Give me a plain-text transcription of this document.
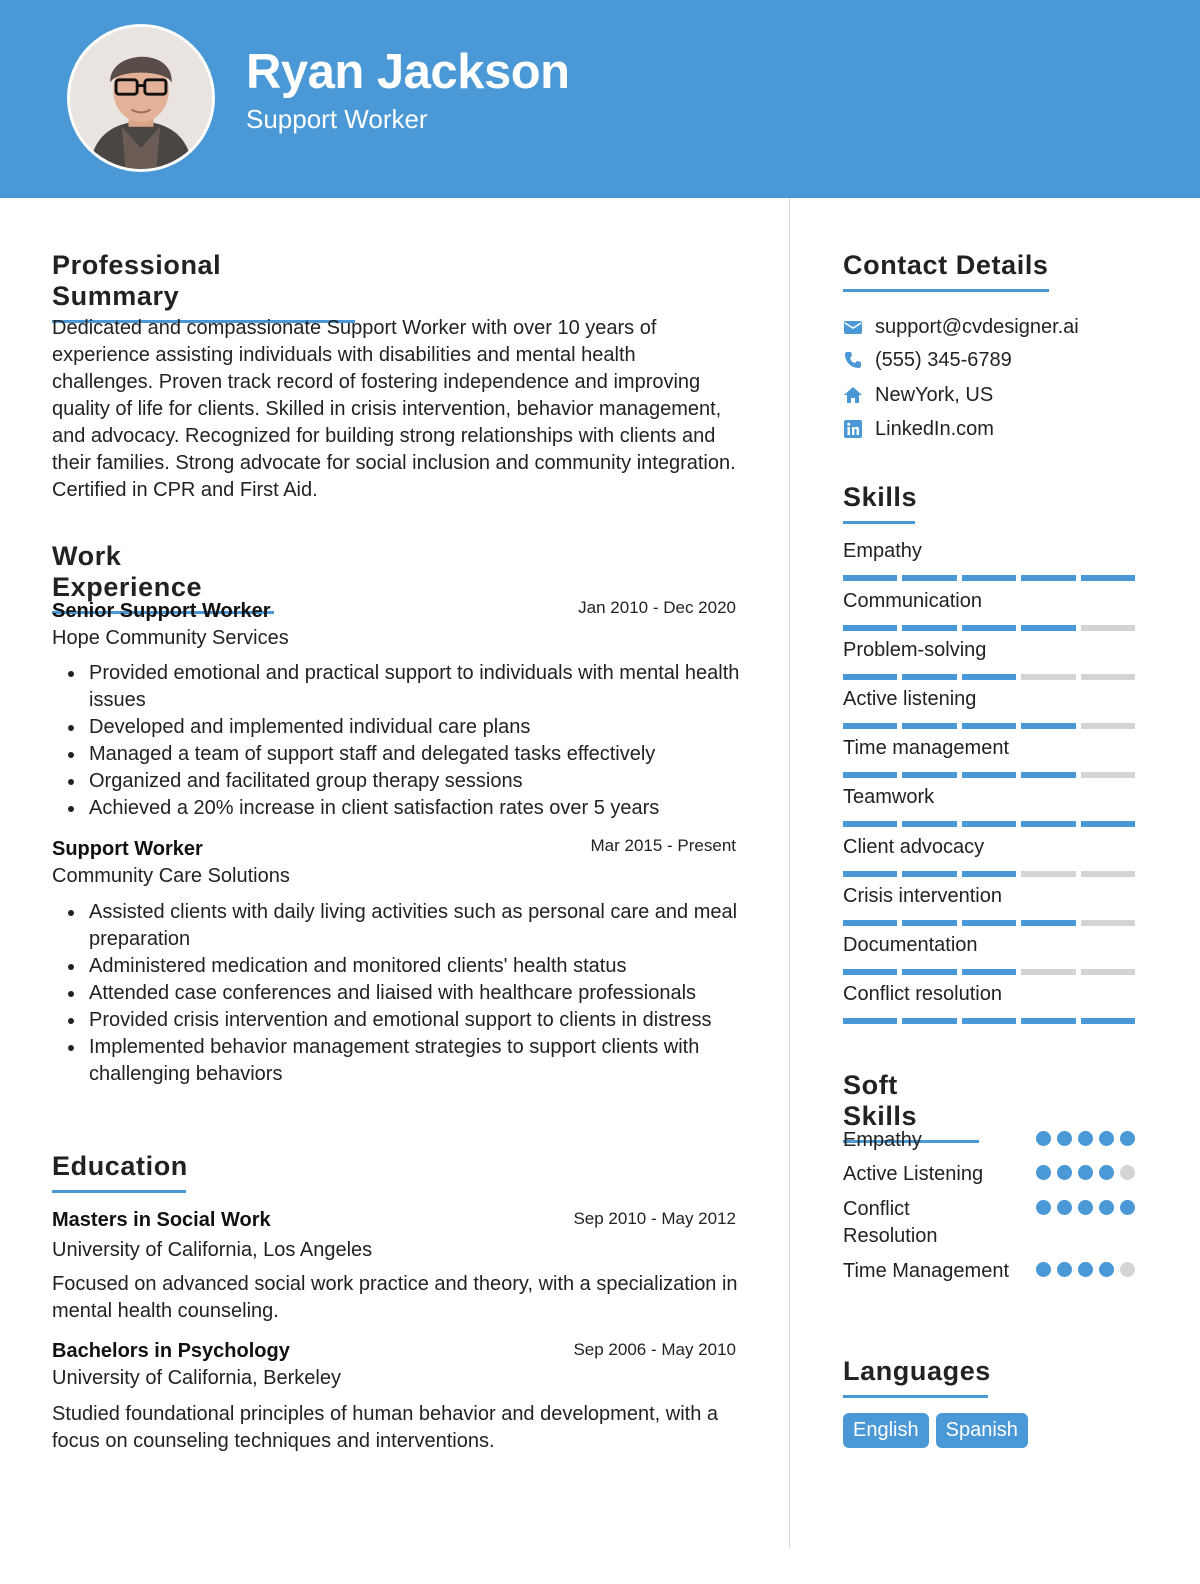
Ryan Jackson
Support Worker
Professional Summary
Dedicated and compassionate Support Worker with over 10 years of experience assisting individuals with disabilities and mental health challenges. Proven track record of fostering independence and improving quality of life for clients. Skilled in crisis intervention, behavior management, and advocacy. Recognized for building strong relationships with clients and their families. Strong advocate for social inclusion and community integration. Certified in CPR and First Aid.
Work Experience
Senior Support Worker	Jan 2010 - Dec 2020
Hope Community Services
Provided emotional and practical support to individuals with mental health issues
Developed and implemented individual care plans
Managed a team of support staff and delegated tasks effectively
Organized and facilitated group therapy sessions
Achieved a 20% increase in client satisfaction rates over 5 years
Support Worker	Mar 2015 - Present
Community Care Solutions
Assisted clients with daily living activities such as personal care and meal preparation
Administered medication and monitored clients' health status
Attended case conferences and liaised with healthcare professionals
Provided crisis intervention and emotional support to clients in distress
Implemented behavior management strategies to support clients with challenging behaviors
Education
Masters in Social Work	Sep 2010 - May 2012
University of California, Los Angeles
Focused on advanced social work practice and theory, with a specialization in mental health counseling.
Bachelors in Psychology	Sep 2006 - May 2010
University of California, Berkeley
Studied foundational principles of human behavior and development, with a focus on counseling techniques and interventions.
Contact Details
support@cvdesigner.ai
(555) 345-6789
NewYork, US
LinkedIn.com
Skills
Empathy
Communication
Problem-solving
Active listening
Time management
Teamwork
Client advocacy
Crisis intervention
Documentation
Conflict resolution
Soft Skills
Empathy
Active Listening
Conflict Resolution
Time Management
Languages
English	Spanish
